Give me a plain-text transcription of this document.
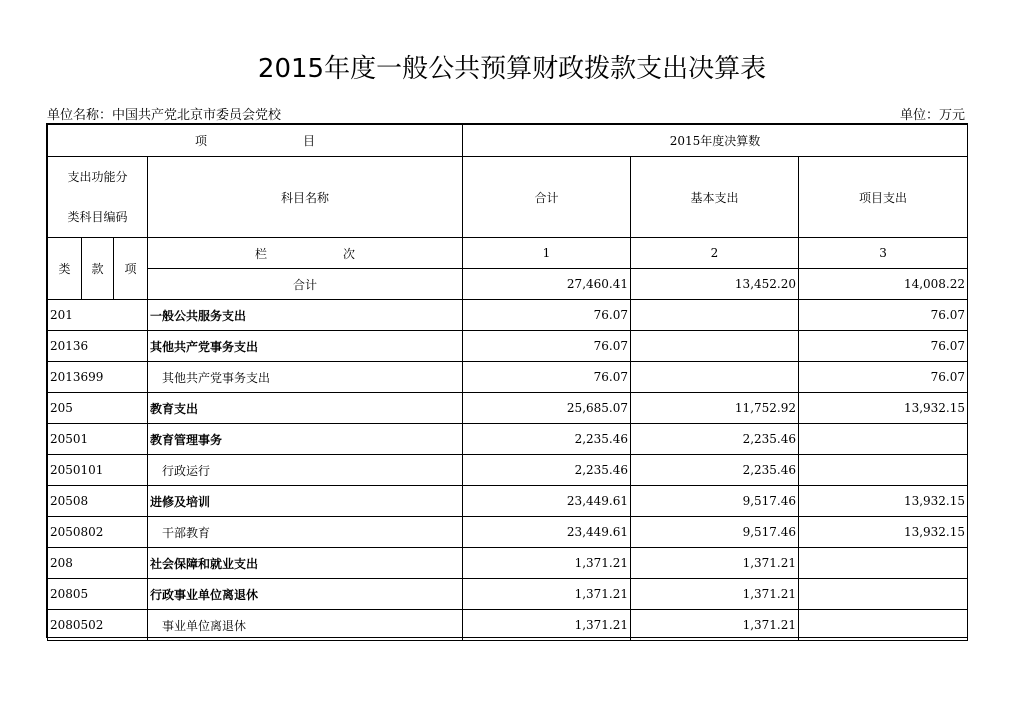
2015年度一般公共预算财政拨款支出决算表
单位名称：中国共产党北京市委员会党校	单位：万元
项 目				2015年度决算数		

支出功能分
类科目编码			科目名称	合计	基本支出	项目支出
类	款	项	栏 次	1	2	3
			合计	27,460.41	13,452.20	14,008.22
201			一般公共服务支出	76.07		76.07
20136			其他共产党事务支出	76.07		76.07
2013699			其他共产党事务支出	76.07		76.07
205			教育支出	25,685.07	11,752.92	13,932.15
20501			教育管理事务	2,235.46	2,235.46	
2050101			行政运行	2,235.46	2,235.46	
20508			进修及培训	23,449.61	9,517.46	13,932.15
2050802			干部教育	23,449.61	9,517.46	13,932.15
208			社会保障和就业支出	1,371.21	1,371.21	
20805			行政事业单位离退休	1,371.21	1,371.21	
2080502			事业单位离退休	1,371.21	1,371.21	
